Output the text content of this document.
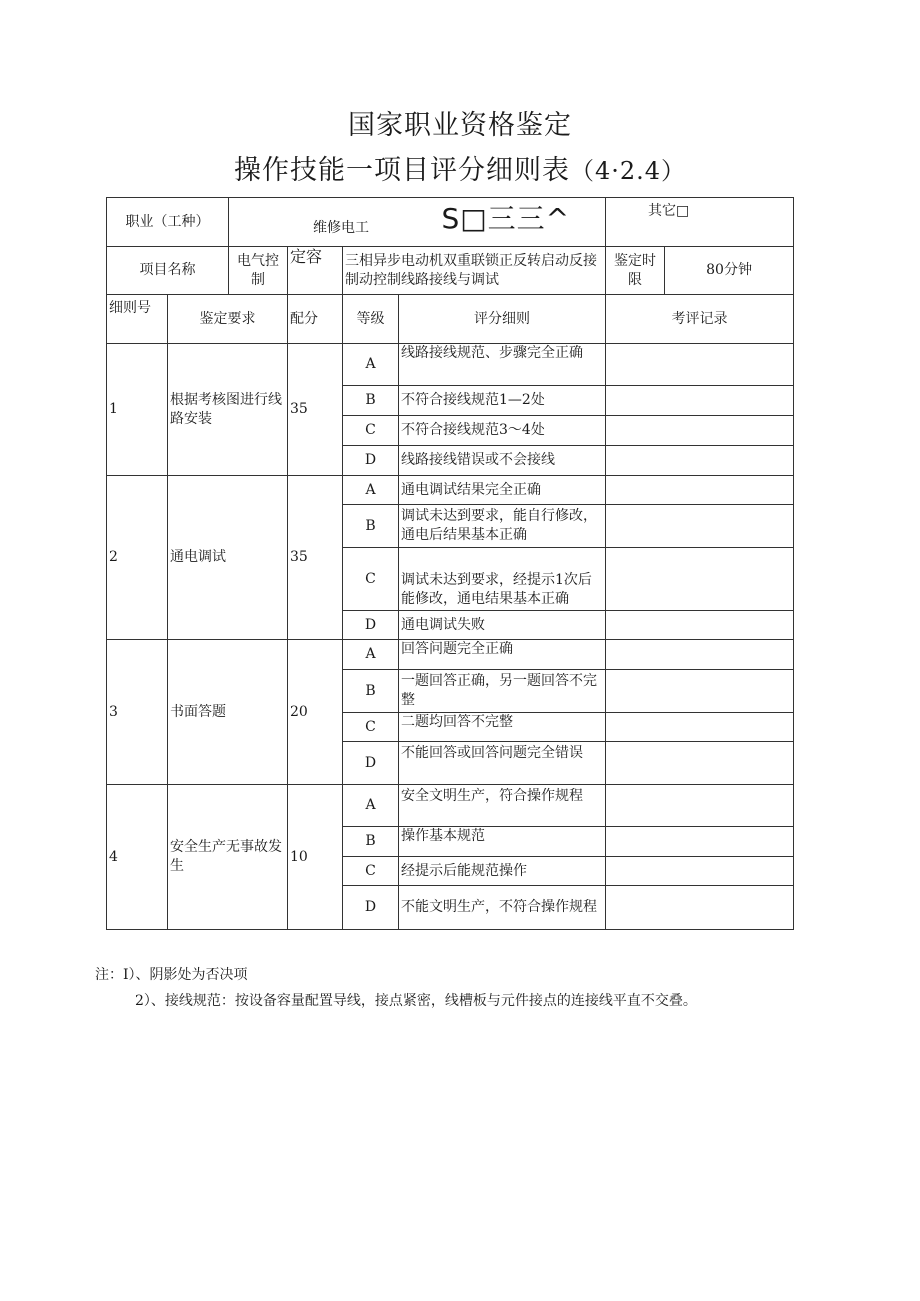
国家职业资格鉴定
操作技能一项目评分细则表（4·2.4）
职业（工种）		维修电工 S□三三^				其它□	
项目名称		电气控制	定容	三相异步电动机双重联锁正反转启动反接制动控制线路接线与调试		鉴定时限	80分钟
细则号	鉴定要求		配分	等级	评分细则	考评记录	
1	根据考核图进行线路安装		35	A	线路接线规范、步骤完全正确		
				B	不符合接线规范1—2处		
				C	不符合接线规范3～4处		
				D	线路接线错误或不会接线		
2	通电调试		35	A	通电调试结果完全正确		
				B	调试未达到要求，能自行修改，通电后结果基本正确		
				C	调试未达到要求，经提示1次后能修改，通电结果基本正确		
				D	通电调试失败		
3	书面答题		20	A	回答问题完全正确		
				B	一题回答正确，另一题回答不完整		
				C	二题均回答不完整		
				D	不能回答或回答问题完全错误		
4	安全生产无事故发生		10	A	安全文明生产，符合操作规程		
				B	操作基本规范		
				C	经提示后能规范操作		
				D	不能文明生产，不符合操作规程		
注：I）、阴影处为否决项
2）、接线规范：按设备容量配置导线，接点紧密，线槽板与元件接点的连接线平直不交叠。
